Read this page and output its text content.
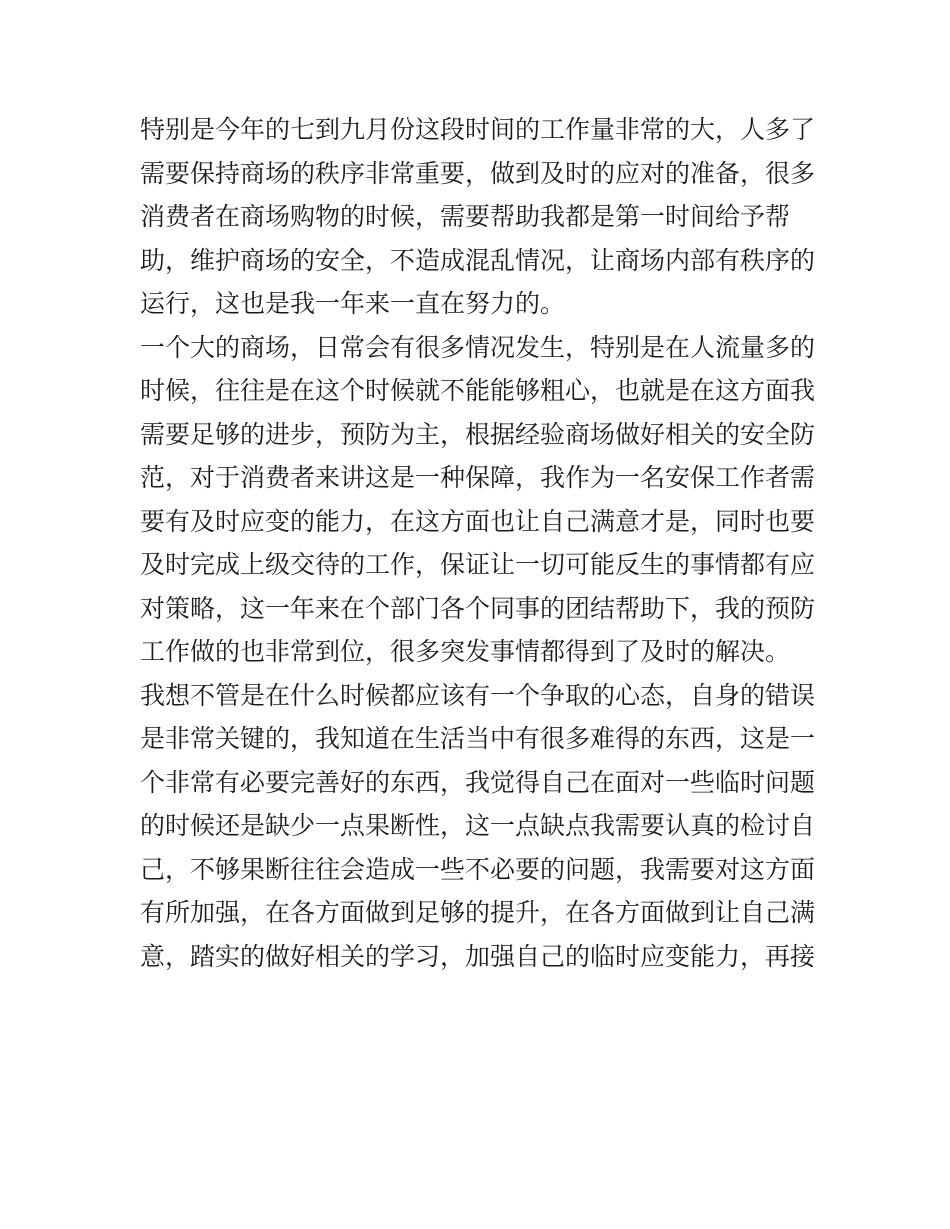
特别是今年的七到九月份这段时间的工作量非常的大，人多了
需要保持商场的秩序非常重要，做到及时的应对的准备，很多
消费者在商场购物的时候，需要帮助我都是第一时间给予帮
助，维护商场的安全，不造成混乱情况，让商场内部有秩序的
运行，这也是我一年来一直在努力的。
一个大的商场，日常会有很多情况发生，特别是在人流量多的
时候，往往是在这个时候就不能能够粗心，也就是在这方面我
需要足够的进步，预防为主，根据经验商场做好相关的安全防
范，对于消费者来讲这是一种保障，我作为一名安保工作者需
要有及时应变的能力，在这方面也让自己满意才是，同时也要
及时完成上级交待的工作，保证让一切可能反生的事情都有应
对策略，这一年来在个部门各个同事的团结帮助下，我的预防
工作做的也非常到位，很多突发事情都得到了及时的解决。
我想不管是在什么时候都应该有一个争取的心态，自身的错误
是非常关键的，我知道在生活当中有很多难得的东西，这是一
个非常有必要完善好的东西，我觉得自己在面对一些临时问题
的时候还是缺少一点果断性，这一点缺点我需要认真的检讨自
己，不够果断往往会造成一些不必要的问题，我需要对这方面
有所加强，在各方面做到足够的提升，在各方面做到让自己满
意，踏实的做好相关的学习，加强自己的临时应变能力，再接
